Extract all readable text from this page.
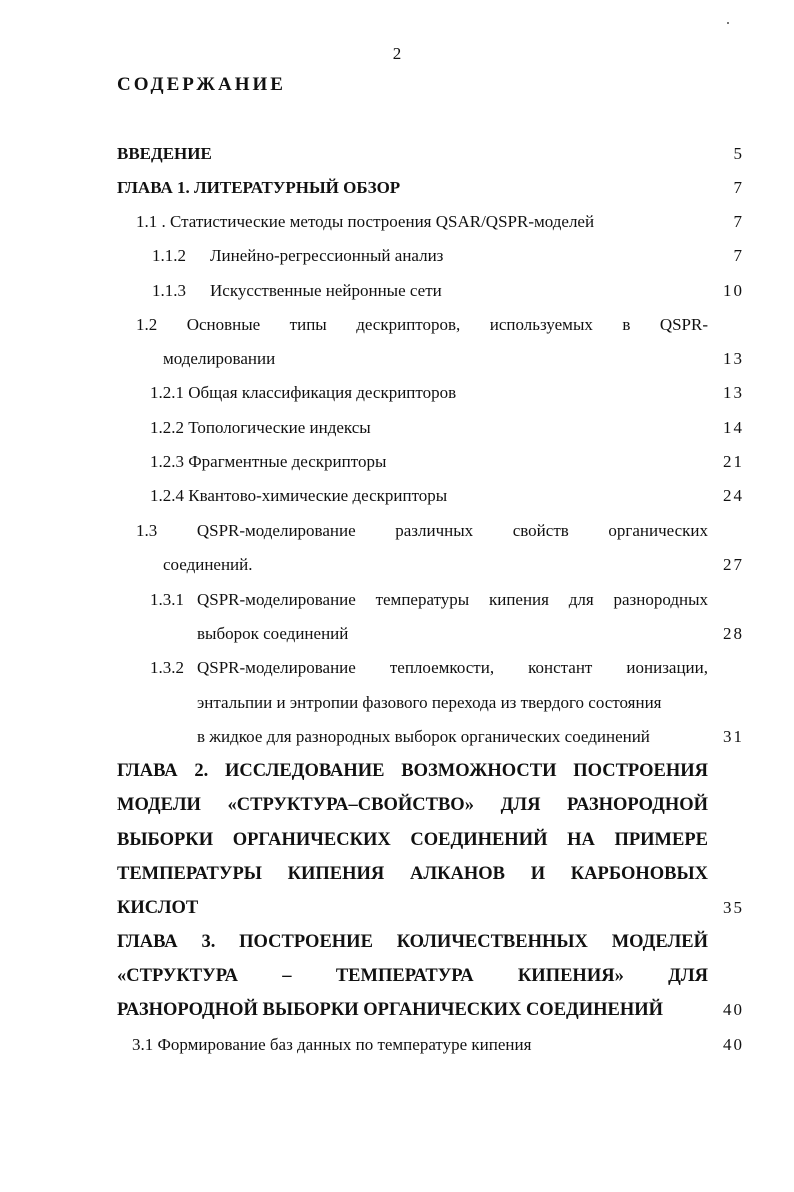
2
СОДЕРЖАНИЕ
ВВЕДЕНИЕ	5
ГЛАВА 1. ЛИТЕРАТУРНЫЙ ОБЗОР	7
1.1 . Статистические методы построения QSAR/QSPR-моделей	7
1.1.2 Линейно-регрессионный анализ	7
1.1.3 Искусственные нейронные сети	10
1.2 Основные типы дескрипторов, используемых в QSPR-
моделировании	13
1.2.1 Общая классификация дескрипторов	13
1.2.2 Топологические индексы	14
1.2.3 Фрагментные дескрипторы	21
1.2.4 Квантово-химические дескрипторы	24
1.3 QSPR-моделирование различных свойств органических
соединений.	27
1.3.1 QSPR-моделирование температуры кипения для разнородных
выборок соединений	28
1.3.2 QSPR-моделирование теплоемкости, констант ионизации,
энтальпии и энтропии фазового перехода из твердого состояния
в жидкое для разнородных выборок органических соединений	31
ГЛАВА 2. ИССЛЕДОВАНИЕ ВОЗМОЖНОСТИ ПОСТРОЕНИЯ
МОДЕЛИ «СТРУКТУРА–СВОЙСТВО» ДЛЯ РАЗНОРОДНОЙ
ВЫБОРКИ ОРГАНИЧЕСКИХ СОЕДИНЕНИЙ НА ПРИМЕРЕ
ТЕМПЕРАТУРЫ КИПЕНИЯ АЛКАНОВ И КАРБОНОВЫХ
КИСЛОТ	35
ГЛАВА 3. ПОСТРОЕНИЕ КОЛИЧЕСТВЕННЫХ МОДЕЛЕЙ
«СТРУКТУРА – ТЕМПЕРАТУРА КИПЕНИЯ» ДЛЯ
РАЗНОРОДНОЙ ВЫБОРКИ ОРГАНИЧЕСКИХ СОЕДИНЕНИЙ	40
3.1 Формирование баз данных по температуре кипения	40
